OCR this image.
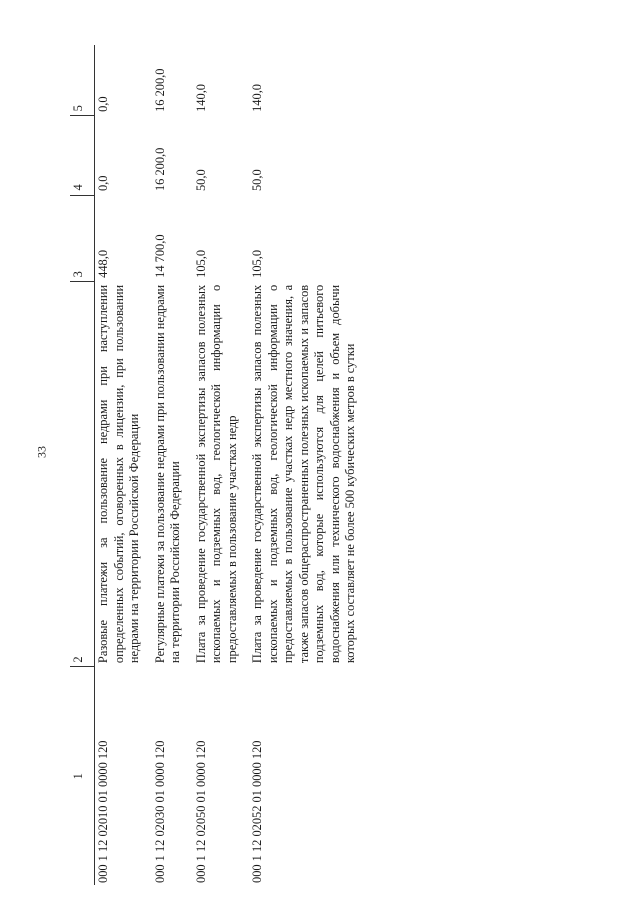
33
1	2	3	4	5
000 1 12 02010 01 0000 120	Разовые платежи за пользование недрами при наступлении определенных событий, оговоренных в лицензии, при пользовании недрами на территории Российской Федерации	448,0	0,0	0,0

000 1 12 02030 01 0000 120	Регулярные платежи за пользование недрами при пользовании недрами на территории Российской Федерации	14 700,0	16 200,0	16 200,0

000 1 12 02050 01 0000 120	Плата за проведение государственной экспертизы запасов полезных ископаемых и подземных вод, геологической информации о предоставляемых в пользование участках недр	105,0	50,0	140,0

000 1 12 02052 01 0000 120	Плата за проведение государственной экспертизы запасов полезных ископаемых и подземных вод, геологической информации о предоставляемых в пользование участках недр местного значения, а также запасов общераспространенных полезных ископаемых и запасов подземных вод, которые используются для целей питьевого водоснабжения или технического водоснабжения и объем добычи которых составляет не более 500 кубических метров в сутки	105,0	50,0	140,0
